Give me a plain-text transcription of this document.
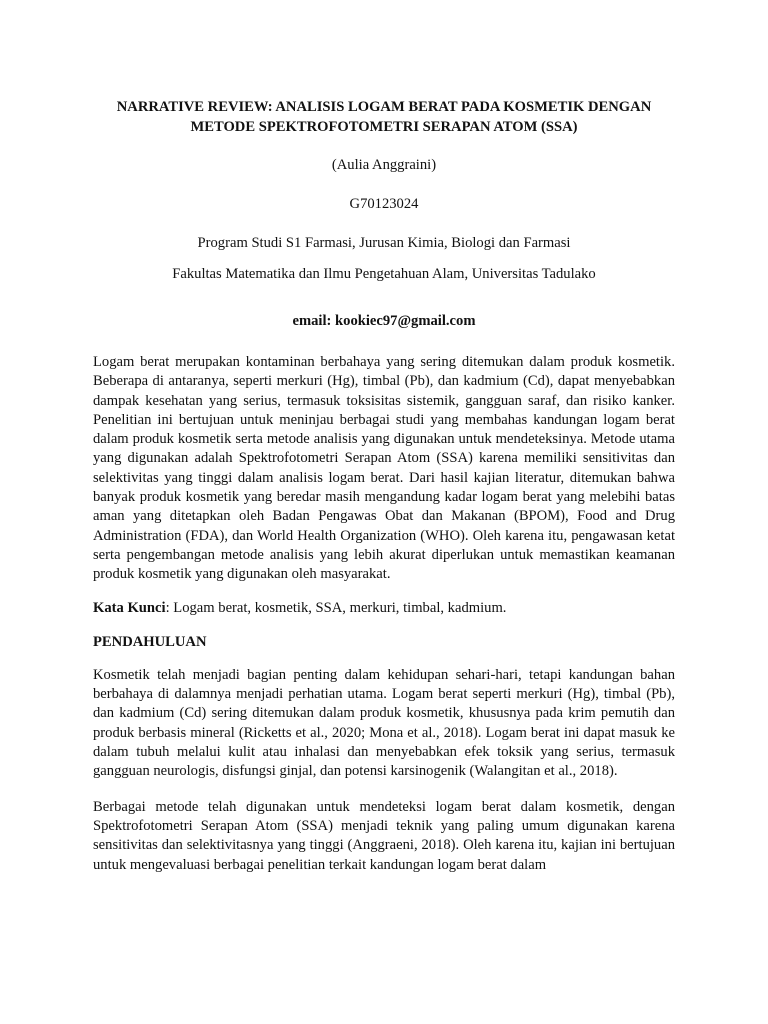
NARRATIVE REVIEW: ANALISIS LOGAM BERAT PADA KOSMETIK DENGAN
METODE SPEKTROFOTOMETRI SERAPAN ATOM (SSA)

(Aulia Anggraini)

G70123024

Program Studi S1 Farmasi, Jurusan Kimia, Biologi dan Farmasi

Fakultas Matematika dan Ilmu Pengetahuan Alam, Universitas Tadulako

email: kookiec97@gmail.com

Logam berat merupakan kontaminan berbahaya yang sering ditemukan dalam produk kosmetik. Beberapa di antaranya, seperti merkuri (Hg), timbal (Pb), dan kadmium (Cd), dapat menyebabkan dampak kesehatan yang serius, termasuk toksisitas sistemik, gangguan saraf, dan risiko kanker. Penelitian ini bertujuan untuk meninjau berbagai studi yang membahas kandungan logam berat dalam produk kosmetik serta metode analisis yang digunakan untuk mendeteksinya. Metode utama yang digunakan adalah Spektrofotometri Serapan Atom (SSA) karena memiliki sensitivitas dan selektivitas yang tinggi dalam analisis logam berat. Dari hasil kajian literatur, ditemukan bahwa banyak produk kosmetik yang beredar masih mengandung kadar logam berat yang melebihi batas aman yang ditetapkan oleh Badan Pengawas Obat dan Makanan (BPOM), Food and Drug Administration (FDA), dan World Health Organization (WHO). Oleh karena itu, pengawasan ketat serta pengembangan metode analisis yang lebih akurat diperlukan untuk memastikan keamanan produk kosmetik yang digunakan oleh masyarakat.

Kata Kunci: Logam berat, kosmetik, SSA, merkuri, timbal, kadmium.

PENDAHULUAN

Kosmetik telah menjadi bagian penting dalam kehidupan sehari-hari, tetapi kandungan bahan berbahaya di dalamnya menjadi perhatian utama. Logam berat seperti merkuri (Hg), timbal (Pb), dan kadmium (Cd) sering ditemukan dalam produk kosmetik, khususnya pada krim pemutih dan produk berbasis mineral (Ricketts et al., 2020; Mona et al., 2018). Logam berat ini dapat masuk ke dalam tubuh melalui kulit atau inhalasi dan menyebabkan efek toksik yang serius, termasuk gangguan neurologis, disfungsi ginjal, dan potensi karsinogenik (Walangitan et al., 2018).

Berbagai metode telah digunakan untuk mendeteksi logam berat dalam kosmetik, dengan Spektrofotometri Serapan Atom (SSA) menjadi teknik yang paling umum digunakan karena sensitivitas dan selektivitasnya yang tinggi (Anggraeni, 2018). Oleh karena itu, kajian ini bertujuan untuk mengevaluasi berbagai penelitian terkait kandungan logam berat dalam
